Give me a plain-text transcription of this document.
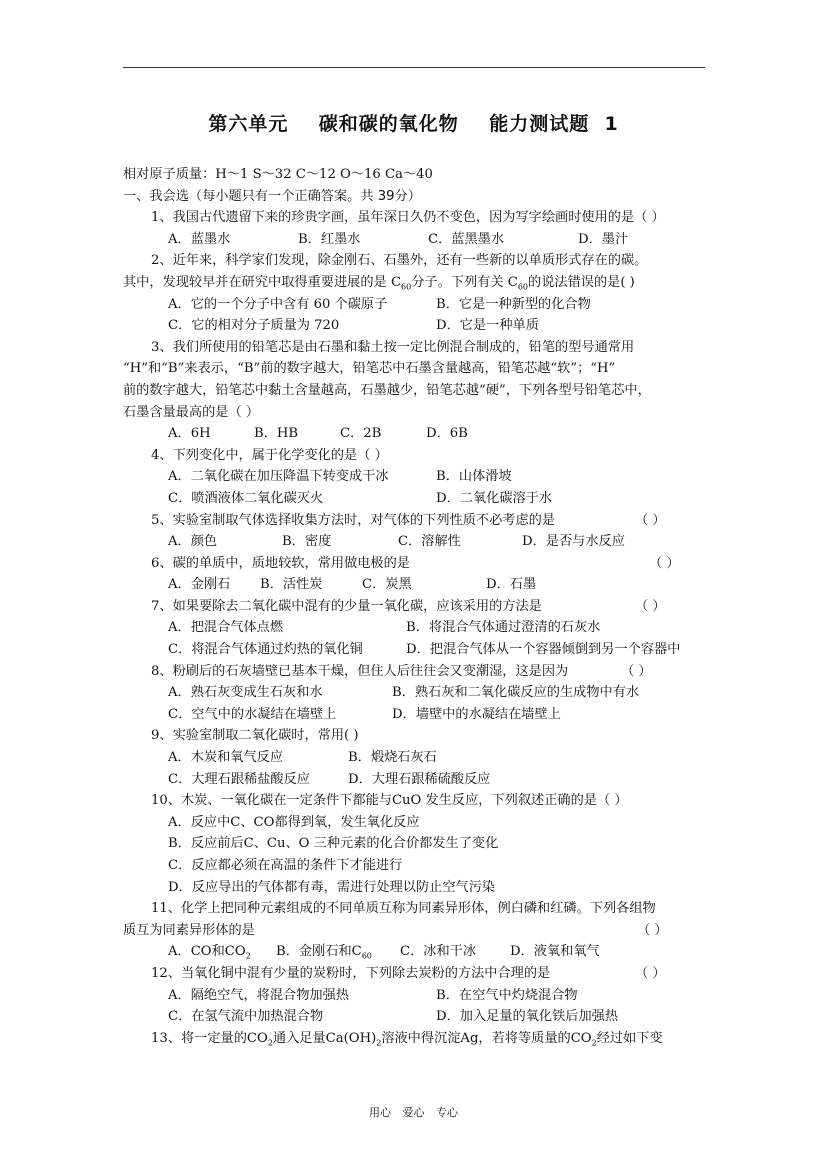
第六单元    碳和碳的氧化物    能力测试题  1
相对原子质量：H～1 S～32 C～12 O～16 Ca～40
一、我会选（每小题只有一个正确答案。共 39分）
1、我国古代遗留下来的珍贵字画，虽年深日久仍不变色，因为写字绘画时使用的是（ ）
A．蓝墨水	B．红墨水	C．蓝黑墨水	D．墨汁
2、近年来，科学家们发现，除金刚石、石墨外，还有一些新的以单质形式存在的碳。
其中，发现较早并在研究中取得重要进展的是 $C_{60}$分子。下列有关 $C_{60}$的说法错误的是( )
A．它的一个分子中含有 60 个碳原子	B．它是一种新型的化合物
C．它的相对分子质量为 720	D．它是一种单质
3、我们所使用的铅笔芯是由石墨和黏土按一定比例混合制成的，铅笔的型号通常用
“H”和“B”来表示，“B”前的数字越大，铅笔芯中石墨含量越高，铅笔芯越“软”；“H”
前的数字越大，铅笔芯中黏土含量越高，石墨越少，铅笔芯越“硬”，下列各型号铅笔芯中，
石墨含量最高的是（ ）
A．6H	B．HB	C．2B	D．6B
4、下列变化中，属于化学变化的是（ ）
A．二氧化碳在加压降温下转变成干冰	B．山体滑坡
C．喷酒液体二氧化碳灭火	D．二氧化碳溶于水
5、实验室制取气体选择收集方法时，对气体的下列性质不必考虑的是	（ ）
A．颜色	B．密度	C．溶解性	D．是否与水反应
6、碳的单质中，质地较软，常用做电极的是	（ ）
A．金刚石	B．活性炭	C．炭黑	D．石墨
7、如果要除去二氧化碳中混有的少量一氧化碳，应该采用的方法是	（ ）
A．把混合气体点燃	B．将混合气体通过澄清的石灰水
C．将混合气体通过灼热的氧化铜	D．把混合气体从一个容器倾倒到另一个容器中
8、粉刷后的石灰墙壁已基本干燥，但住人后往往会又变潮湿，这是因为	（ ）
A．熟石灰变成生石灰和水	B．熟石灰和二氧化碳反应的生成物中有水
C．空气中的水凝结在墙壁上	D．墙壁中的水凝结在墙壁上
9、实验室制取二氧化碳时，常用( )
A．木炭和氧气反应	B．煅烧石灰石
C．大理石跟稀盐酸反应	D．大理石跟稀硫酸反应
10、木炭、一氧化碳在一定条件下都能与CuO 发生反应，下列叙述正确的是（ ）
A．反应中C、CO都得到氧，发生氧化反应
B．反应前后C、Cu、O 三种元素的化合价都发生了变化
C．反应都必须在高温的条件下才能进行
D．反应导出的气体都有毒，需进行处理以防止空气污染
11、化学上把同种元素组成的不同单质互称为同素异形体，例白磷和红磷。下列各组物
质互为同素异形体的是	（ ）
A．CO和$CO_2$	B．金刚石和$C_{60}$	C．冰和干冰	D．液氧和氧气
12、当氧化铜中混有少量的炭粉时，下列除去炭粉的方法中合理的是	（ ）
A．隔绝空气，将混合物加强热	B．在空气中灼烧混合物
C．在氢气流中加热混合物	D．加入足量的氧化铁后加强热
13、将一定量的$CO_2$通入足量$Ca(OH)_2$溶液中得沉淀Ag，若将等质量的$CO_2$经过如下变
用心 爱心 专心
